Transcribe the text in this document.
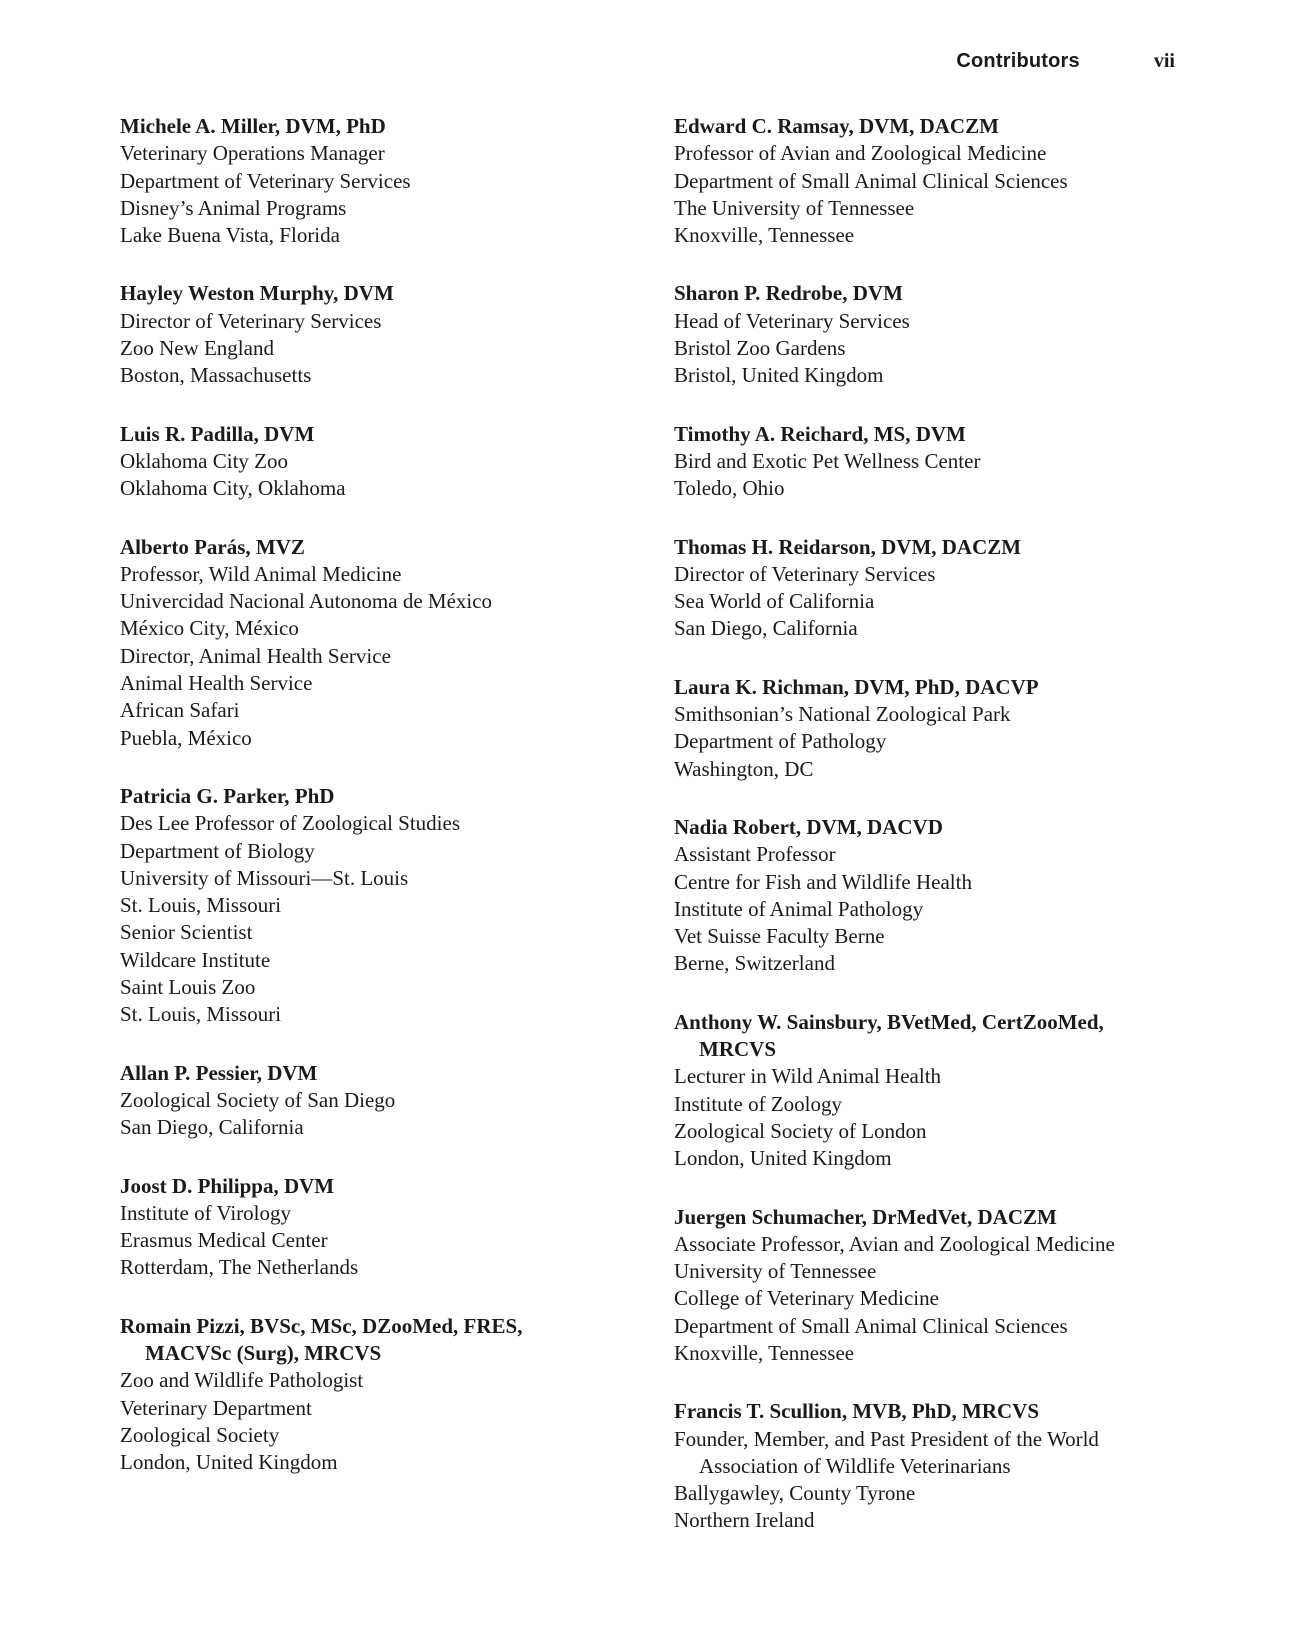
Contributors	vii

Michele A. Miller, DVM, PhD

Veterinary Operations Manager

Department of Veterinary Services

Disney’s Animal Programs

Lake Buena Vista, Florida

Hayley Weston Murphy, DVM

Director of Veterinary Services

Zoo New England

Boston, Massachusetts

Luis R. Padilla, DVM

Oklahoma City Zoo

Oklahoma City, Oklahoma

Alberto Parás, MVZ

Professor, Wild Animal Medicine

Univercidad Nacional Autonoma de México

México City, México

Director, Animal Health Service

Animal Health Service

African Safari

Puebla, México

Patricia G. Parker, PhD

Des Lee Professor of Zoological Studies

Department of Biology

University of Missouri—St. Louis

St. Louis, Missouri

Senior Scientist

Wildcare Institute

Saint Louis Zoo

St. Louis, Missouri

Allan P. Pessier, DVM

Zoological Society of San Diego

San Diego, California

Joost D. Philippa, DVM

Institute of Virology

Erasmus Medical Center

Rotterdam, The Netherlands

Romain Pizzi, BVSc, MSc, DZooMed, FRES,

MACVSc (Surg), MRCVS

Zoo and Wildlife Pathologist

Veterinary Department

Zoological Society

London, United Kingdom

Edward C. Ramsay, DVM, DACZM

Professor of Avian and Zoological Medicine

Department of Small Animal Clinical Sciences

The University of Tennessee

Knoxville, Tennessee

Sharon P. Redrobe, DVM

Head of Veterinary Services

Bristol Zoo Gardens

Bristol, United Kingdom

Timothy A. Reichard, MS, DVM

Bird and Exotic Pet Wellness Center

Toledo, Ohio

Thomas H. Reidarson, DVM, DACZM

Director of Veterinary Services

Sea World of California

San Diego, California

Laura K. Richman, DVM, PhD, DACVP

Smithsonian’s National Zoological Park

Department of Pathology

Washington, DC

Nadia Robert, DVM, DACVD

Assistant Professor

Centre for Fish and Wildlife Health

Institute of Animal Pathology

Vet Suisse Faculty Berne

Berne, Switzerland

Anthony W. Sainsbury, BVetMed, CertZooMed,

MRCVS

Lecturer in Wild Animal Health

Institute of Zoology

Zoological Society of London

London, United Kingdom

Juergen Schumacher, DrMedVet, DACZM

Associate Professor, Avian and Zoological Medicine

University of Tennessee

College of Veterinary Medicine

Department of Small Animal Clinical Sciences

Knoxville, Tennessee

Francis T. Scullion, MVB, PhD, MRCVS

Founder, Member, and Past President of the World

Association of Wildlife Veterinarians

Ballygawley, County Tyrone

Northern Ireland
